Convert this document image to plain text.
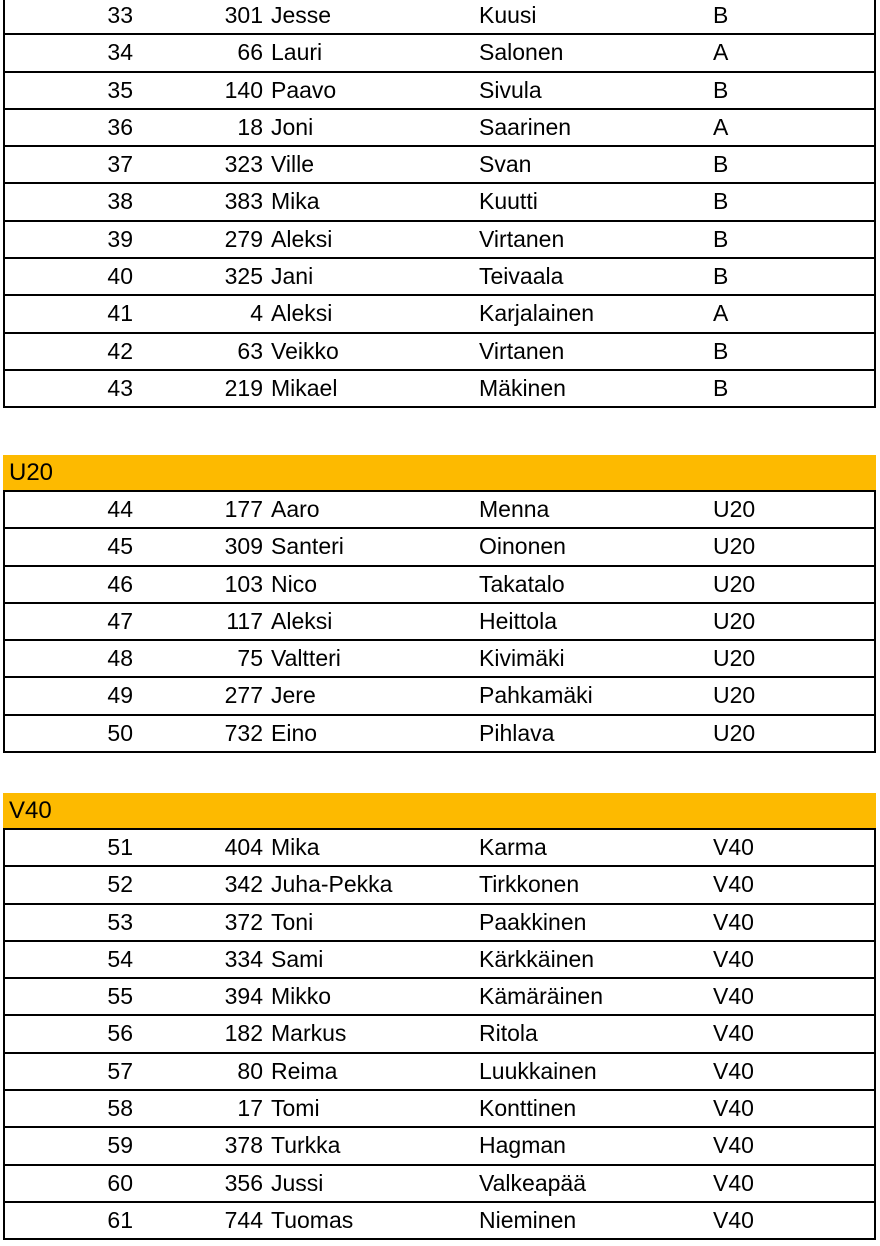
33	301 Jesse	Kuusi	B
34	66 Lauri	Salonen	A
35	140 Paavo	Sivula	B
36	18 Joni	Saarinen	A
37	323 Ville	Svan	B
38	383 Mika	Kuutti	B
39	279 Aleksi	Virtanen	B
40	325 Jani	Teivaala	B
41	4 Aleksi	Karjalainen	A
42	63 Veikko	Virtanen	B
43	219 Mikael	Mäkinen	B
U20
44	177 Aaro	Menna	U20
45	309 Santeri	Oinonen	U20
46	103 Nico	Takatalo	U20
47	117 Aleksi	Heittola	U20
48	75 Valtteri	Kivimäki	U20
49	277 Jere	Pahkamäki	U20
50	732 Eino	Pihlava	U20
V40
51	404 Mika	Karma	V40
52	342 Juha-Pekka	Tirkkonen	V40
53	372 Toni	Paakkinen	V40
54	334 Sami	Kärkkäinen	V40
55	394 Mikko	Kämäräinen	V40
56	182 Markus	Ritola	V40
57	80 Reima	Luukkainen	V40
58	17 Tomi	Konttinen	V40
59	378 Turkka	Hagman	V40
60	356 Jussi	Valkeapää	V40
61	744 Tuomas	Nieminen	V40
